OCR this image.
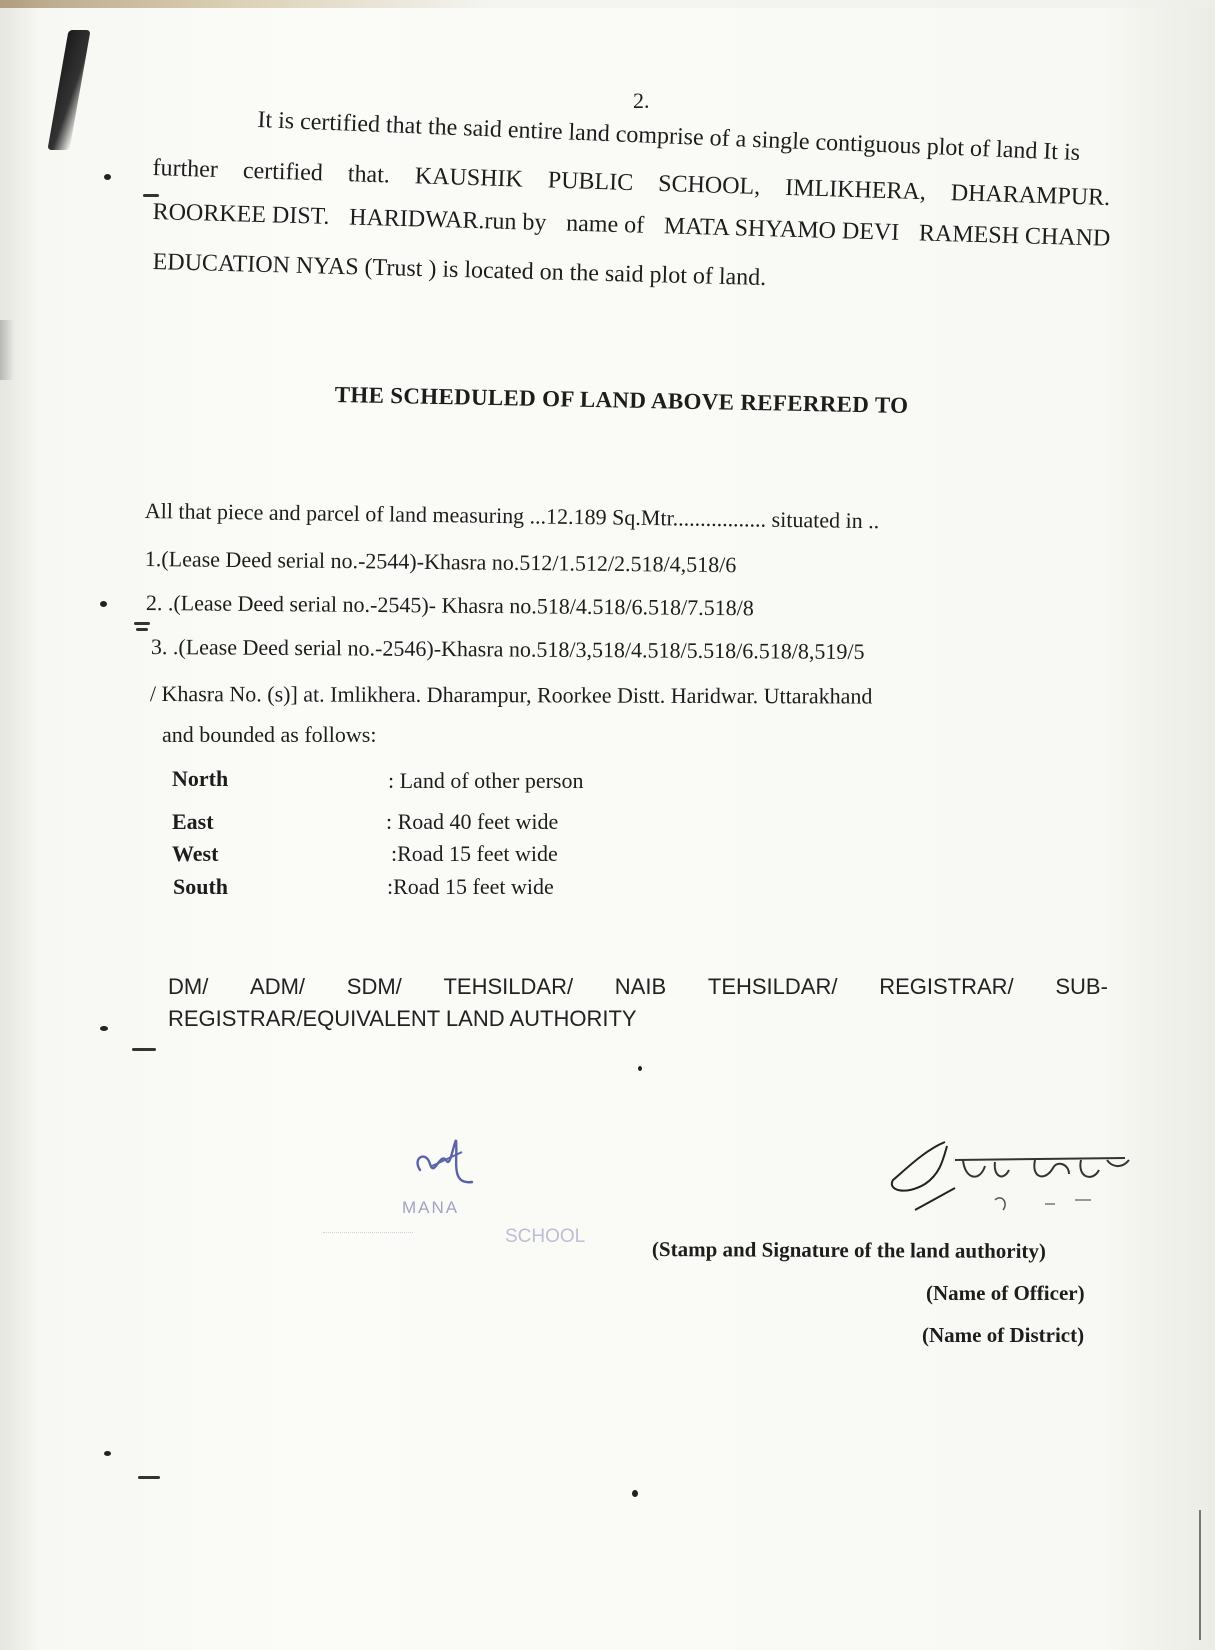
2.
It is certified that the said entire land comprise of a single contiguous plot of land It is
further certified that. KAUSHIK PUBLIC SCHOOL, IMLIKHERA, DHARAMPUR.
ROORKEE DIST. HARIDWAR.run by name of MATA SHYAMO DEVI RAMESH CHAND
EDUCATION NYAS (Trust ) is located on the said plot of land.
THE SCHEDULED OF LAND ABOVE REFERRED TO
All that piece and parcel of land measuring ...12.189 Sq.Mtr................. situated in ..
1.(Lease Deed serial no.-2544)-Khasra no.512/1.512/2.518/4,518/6
2. .(Lease Deed serial no.-2545)- Khasra no.518/4.518/6.518/7.518/8
3. .(Lease Deed serial no.-2546)-Khasra no.518/3,518/4.518/5.518/6.518/8,519/5
/ Khasra No. (s)] at. Imlikhera. Dharampur, Roorkee Distt. Haridwar. Uttarakhand
and bounded as follows:
North	: Land of other person
East	: Road 40 feet wide
West	:Road 15 feet wide
South	:Road 15 feet wide
DM/ ADM/ SDM/ TEHSILDAR/ NAIB TEHSILDAR/ REGISTRAR/ SUB-
REGISTRAR/EQUIVALENT LAND AUTHORITY
MANA
SCHOOL
(Stamp and Signature of the land authority)
(Name of Officer)
(Name of District)
